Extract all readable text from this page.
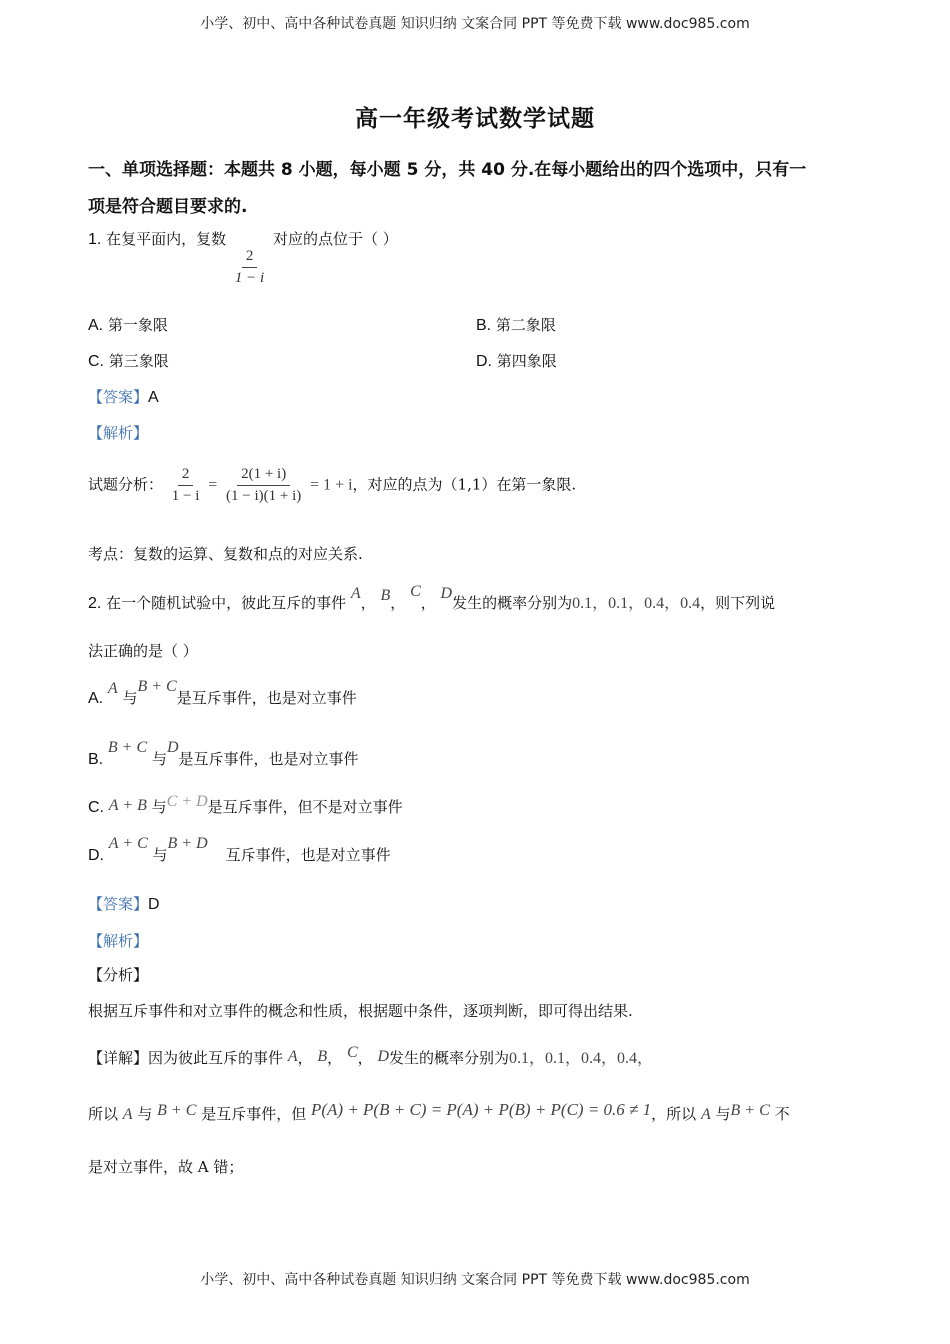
小学、初中、高中各种试卷真题 知识归纳 文案合同 PPT 等免费下载 www.doc985.com
高一年级考试数学试题
一、单项选择题：本题共 8 小题，每小题 5 分，共 40 分.在每小题给出的四个选项中，只有一
项是符合题目要求的.
1. 在复平面内，复数
$\frac{2}{1 - i}$
对应的点位于（ ）
A. 第一象限	B. 第二象限
C. 第三象限	D. 第四象限
【答案】A
【解析】
试题分析： $\frac{2}{1 - i} = \frac{2(1 + i)}{(1 - i)(1 + i)} = 1 + i$，对应的点为（1,1）在第一象限.
考点：复数的运算、复数和点的对应关系.
2. 在一个随机试验中，彼此互斥的事件 A， B， C， D发生的概率分别为0.1，0.1，0.4，0.4，则下列说
法正确的是（ ）
A. A 与B + C是互斥事件，也是对立事件
B. B + C 与D是互斥事件，也是对立事件
C. A + B 与C + D是互斥事件，但不是对立事件
D. A + C 与B + D互斥事件，也是对立事件
【答案】D
【解析】
【分析】
根据互斥事件和对立事件的概念和性质，根据题中条件，逐项判断，即可得出结果.
【详解】因为彼此互斥的事件 A， B， C， D发生的概率分别为0.1，0.1，0.4，0.4，
所以 A 与 B + C 是互斥事件，但 P(A) + P(B + C) = P(A) + P(B) + P(C) = 0.6 ≠ 1，所以 A 与B + C 不
是对立事件，故 A 错；
小学、初中、高中各种试卷真题 知识归纳 文案合同 PPT 等免费下载 www.doc985.com
